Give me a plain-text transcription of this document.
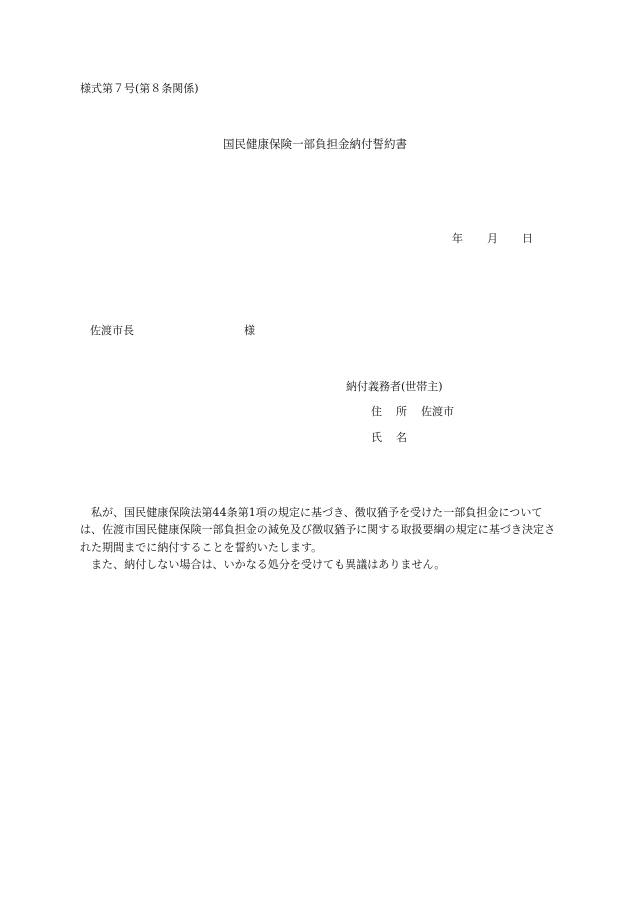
様式第７号(第８条関係)
国民健康保険一部負担金納付誓約書
年 月 日
佐渡市長	様
納付義務者(世帯主)
住 所 佐渡市
氏 名

私が、国民健康保険法第44条第1項の規定に基づき、徴収猶予を受けた一部負担金については、佐渡市国民健康保険一部負担金の減免及び徴収猶予に関する取扱要綱の規定に基づき決定された期間までに納付することを誓約いたします。

また、納付しない場合は、いかなる処分を受けても異議はありません。
